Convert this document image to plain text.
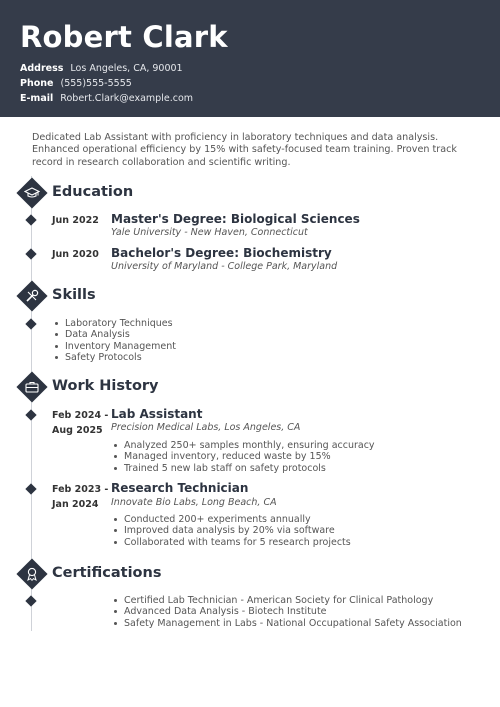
Robert Clark
Address Los Angeles, CA, 90001
Phone (555)555-5555
E-mail Robert.Clark@example.com
Dedicated Lab Assistant with proficiency in laboratory techniques and data analysis. Enhanced operational efficiency by 15% with safety-focused team training. Proven track record in research collaboration and scientific writing.
Education
Jun 2022 Master's Degree: Biological Sciences
Yale University - New Haven, Connecticut
Jun 2020 Bachelor's Degree: Biochemistry
University of Maryland - College Park, Maryland
Skills
Laboratory Techniques
Data Analysis
Inventory Management
Safety Protocols
Work History
Feb 2024 -
Aug 2025
Lab Assistant
Precision Medical Labs, Los Angeles, CA
Analyzed 250+ samples monthly, ensuring accuracy
Managed inventory, reduced waste by 15%
Trained 5 new lab staff on safety protocols
Feb 2023 -
Jan 2024
Research Technician
Innovate Bio Labs, Long Beach, CA
Conducted 200+ experiments annually
Improved data analysis by 20% via software
Collaborated with teams for 5 research projects
Certifications
Certified Lab Technician - American Society for Clinical Pathology
Advanced Data Analysis - Biotech Institute
Safety Management in Labs - National Occupational Safety Association
